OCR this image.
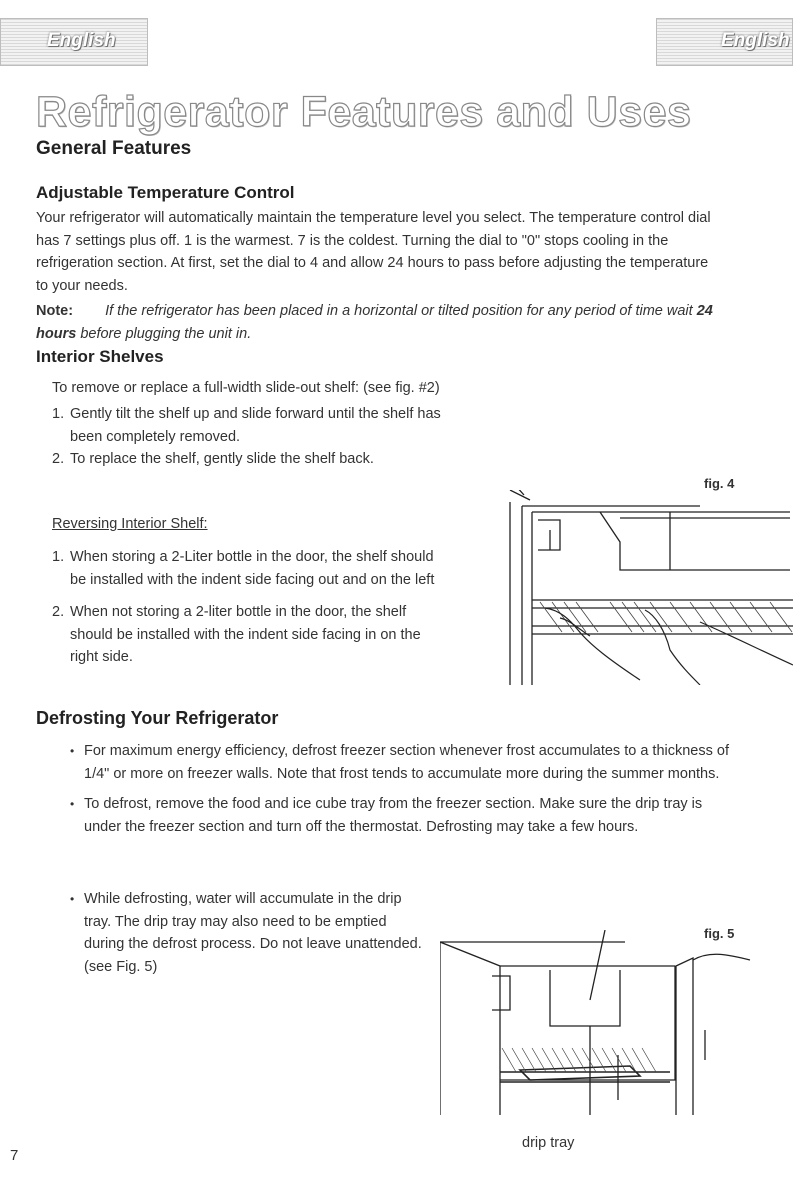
English	English
Refrigerator Features and Uses
General Features
Adjustable Temperature Control
Your refrigerator will automatically maintain the temperature level you select. The temperature control dial has 7 settings plus off. 1 is the warmest. 7 is the coldest. Turning the dial to "0" stops cooling in the refrigeration section. At first, set the dial to 4 and allow 24 hours to pass before adjusting the temperature to your needs.
Note: If the refrigerator has been placed in a horizontal or tilted position for any period of time wait 24 hours before plugging the unit in.
Interior Shelves
To remove or replace a full-width slide-out shelf: (see fig. #2)
1. Gently tilt the shelf up and slide forward until the shelf has been completely removed.
2. To replace the shelf, gently slide the shelf back.
Reversing Interior Shelf:
1. When storing a 2-Liter bottle in the door, the shelf should be installed with the indent side facing out and on the left
2. When not storing a 2-liter bottle in the door, the shelf should be installed with the indent side facing in on the right side.
fig. 4
Defrosting Your Refrigerator
• For maximum energy efficiency, defrost freezer section whenever frost accumulates to a thickness of 1/4" or more on freezer walls. Note that frost tends to accumulate more during the summer months.
• To defrost, remove the food and ice cube tray from the freezer section. Make sure the drip tray is under the freezer section and turn off the thermostat. Defrosting may take a few hours.
• While defrosting, water will accumulate in the drip tray. The drip tray may also need to be emptied during the defrost process. Do not leave unattended. (see Fig. 5)
fig. 5
drip tray
7
